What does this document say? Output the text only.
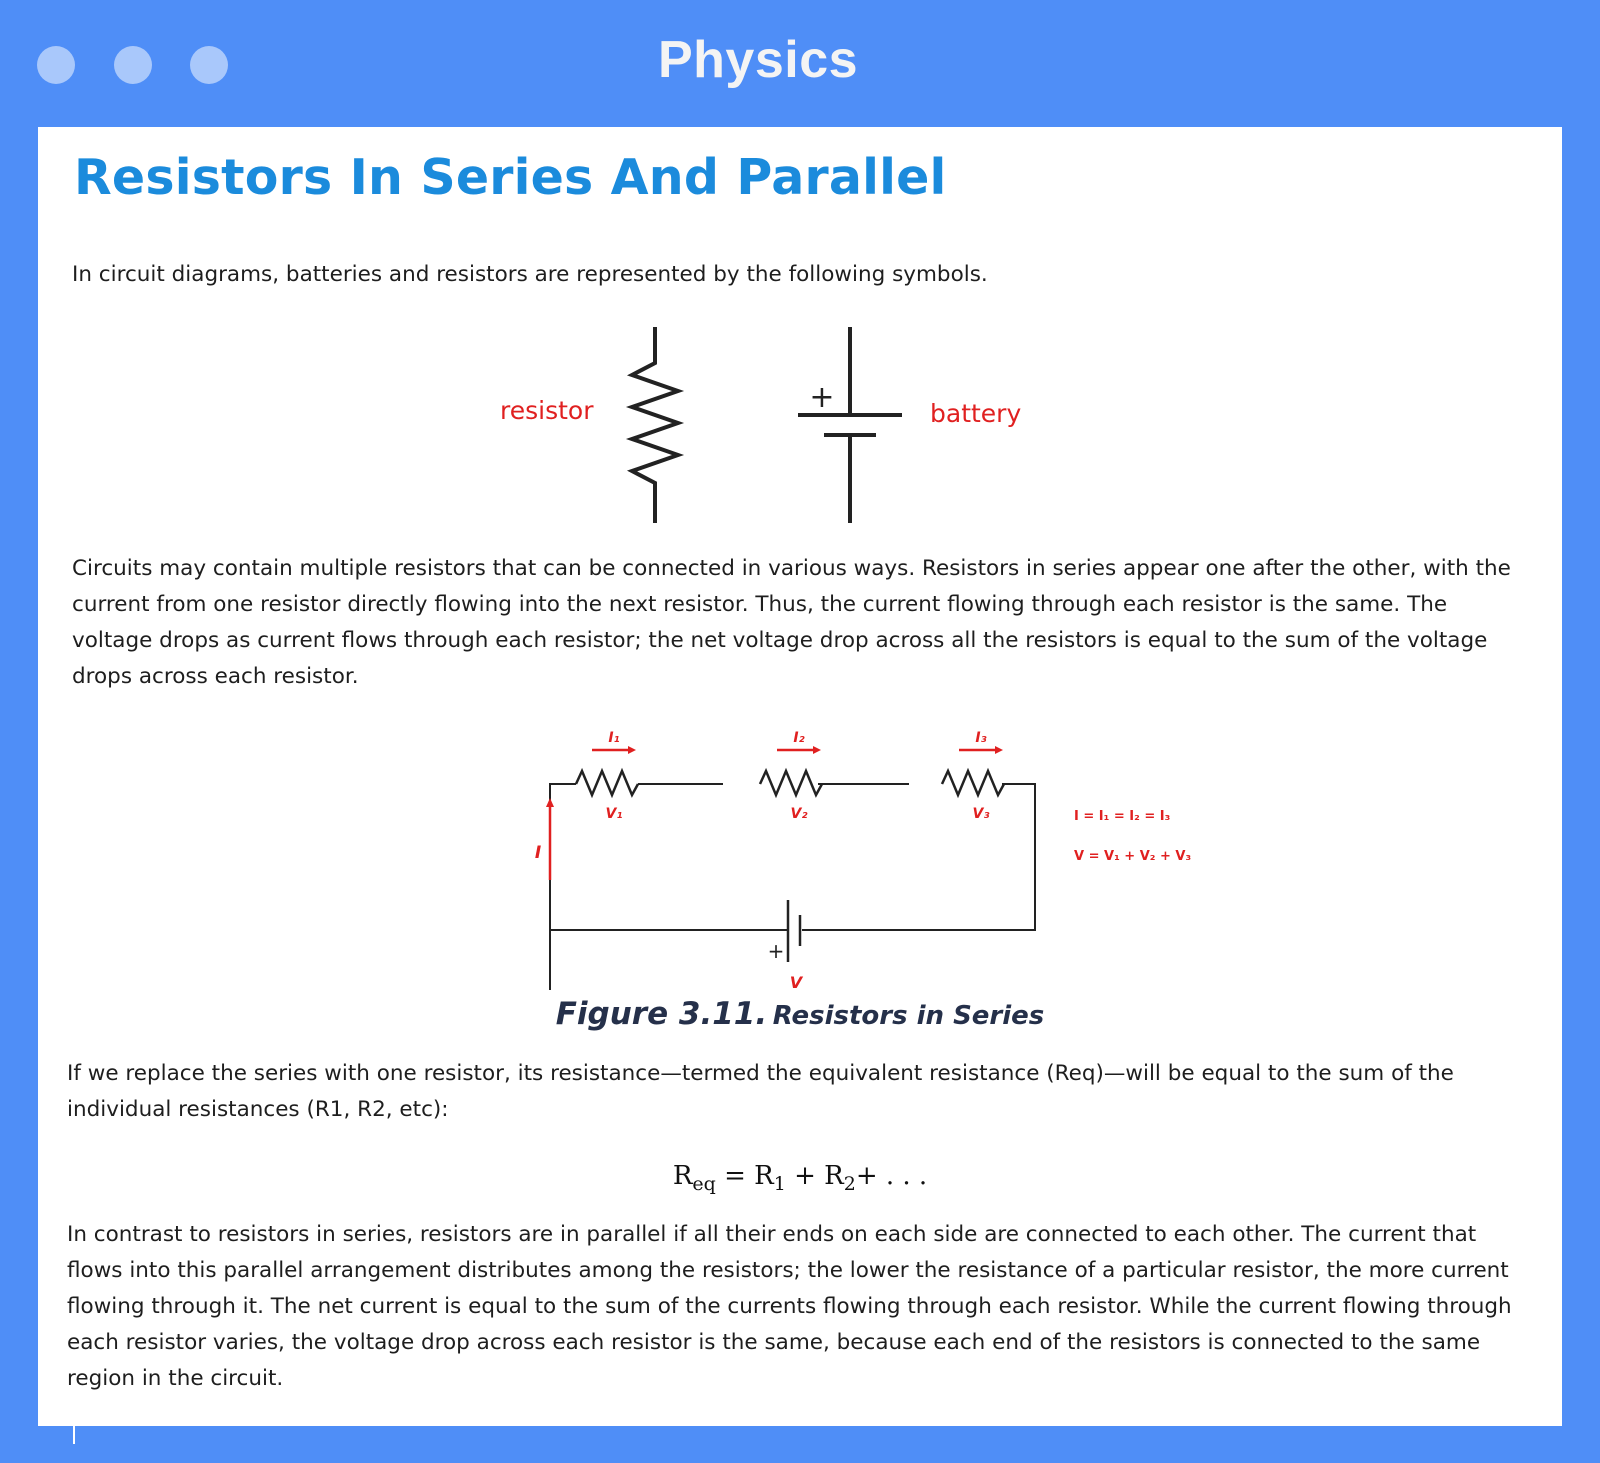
Physics
Resistors In Series And Parallel

In circuit diagrams, batteries and resistors are represented by the following symbols.

resistor	+	battery

Circuits may contain multiple resistors that can be connected in various ways. Resistors in series appear one after the other, with the current from one resistor directly flowing into the next resistor. Thus, the current flowing through each resistor is the same. The voltage drops as current flows through each resistor; the net voltage drop across all the resistors is equal to the sum of the voltage drops across each resistor.

I₁	I₂	I₃
V₁	V₂	V₃
I
V
I = I₁ = I₂ = I₃
V = V₁ + V₂ + V₃
+
Figure 3.11. Resistors in Series

If we replace the series with one resistor, its resistance—termed the equivalent resistance (Req)—will be equal to the sum of the individual resistances (R1, R2, etc):

$R_{eq} = R_1 + R_2+$ . . .

In contrast to resistors in series, resistors are in parallel if all their ends on each side are connected to each other. The current that flows into this parallel arrangement distributes among the resistors; the lower the resistance of a particular resistor, the more current flowing through it. The net current is equal to the sum of the currents flowing through each resistor. While the current flowing through each resistor varies, the voltage drop across each resistor is the same, because each end of the resistors is connected to the same region in the circuit.
